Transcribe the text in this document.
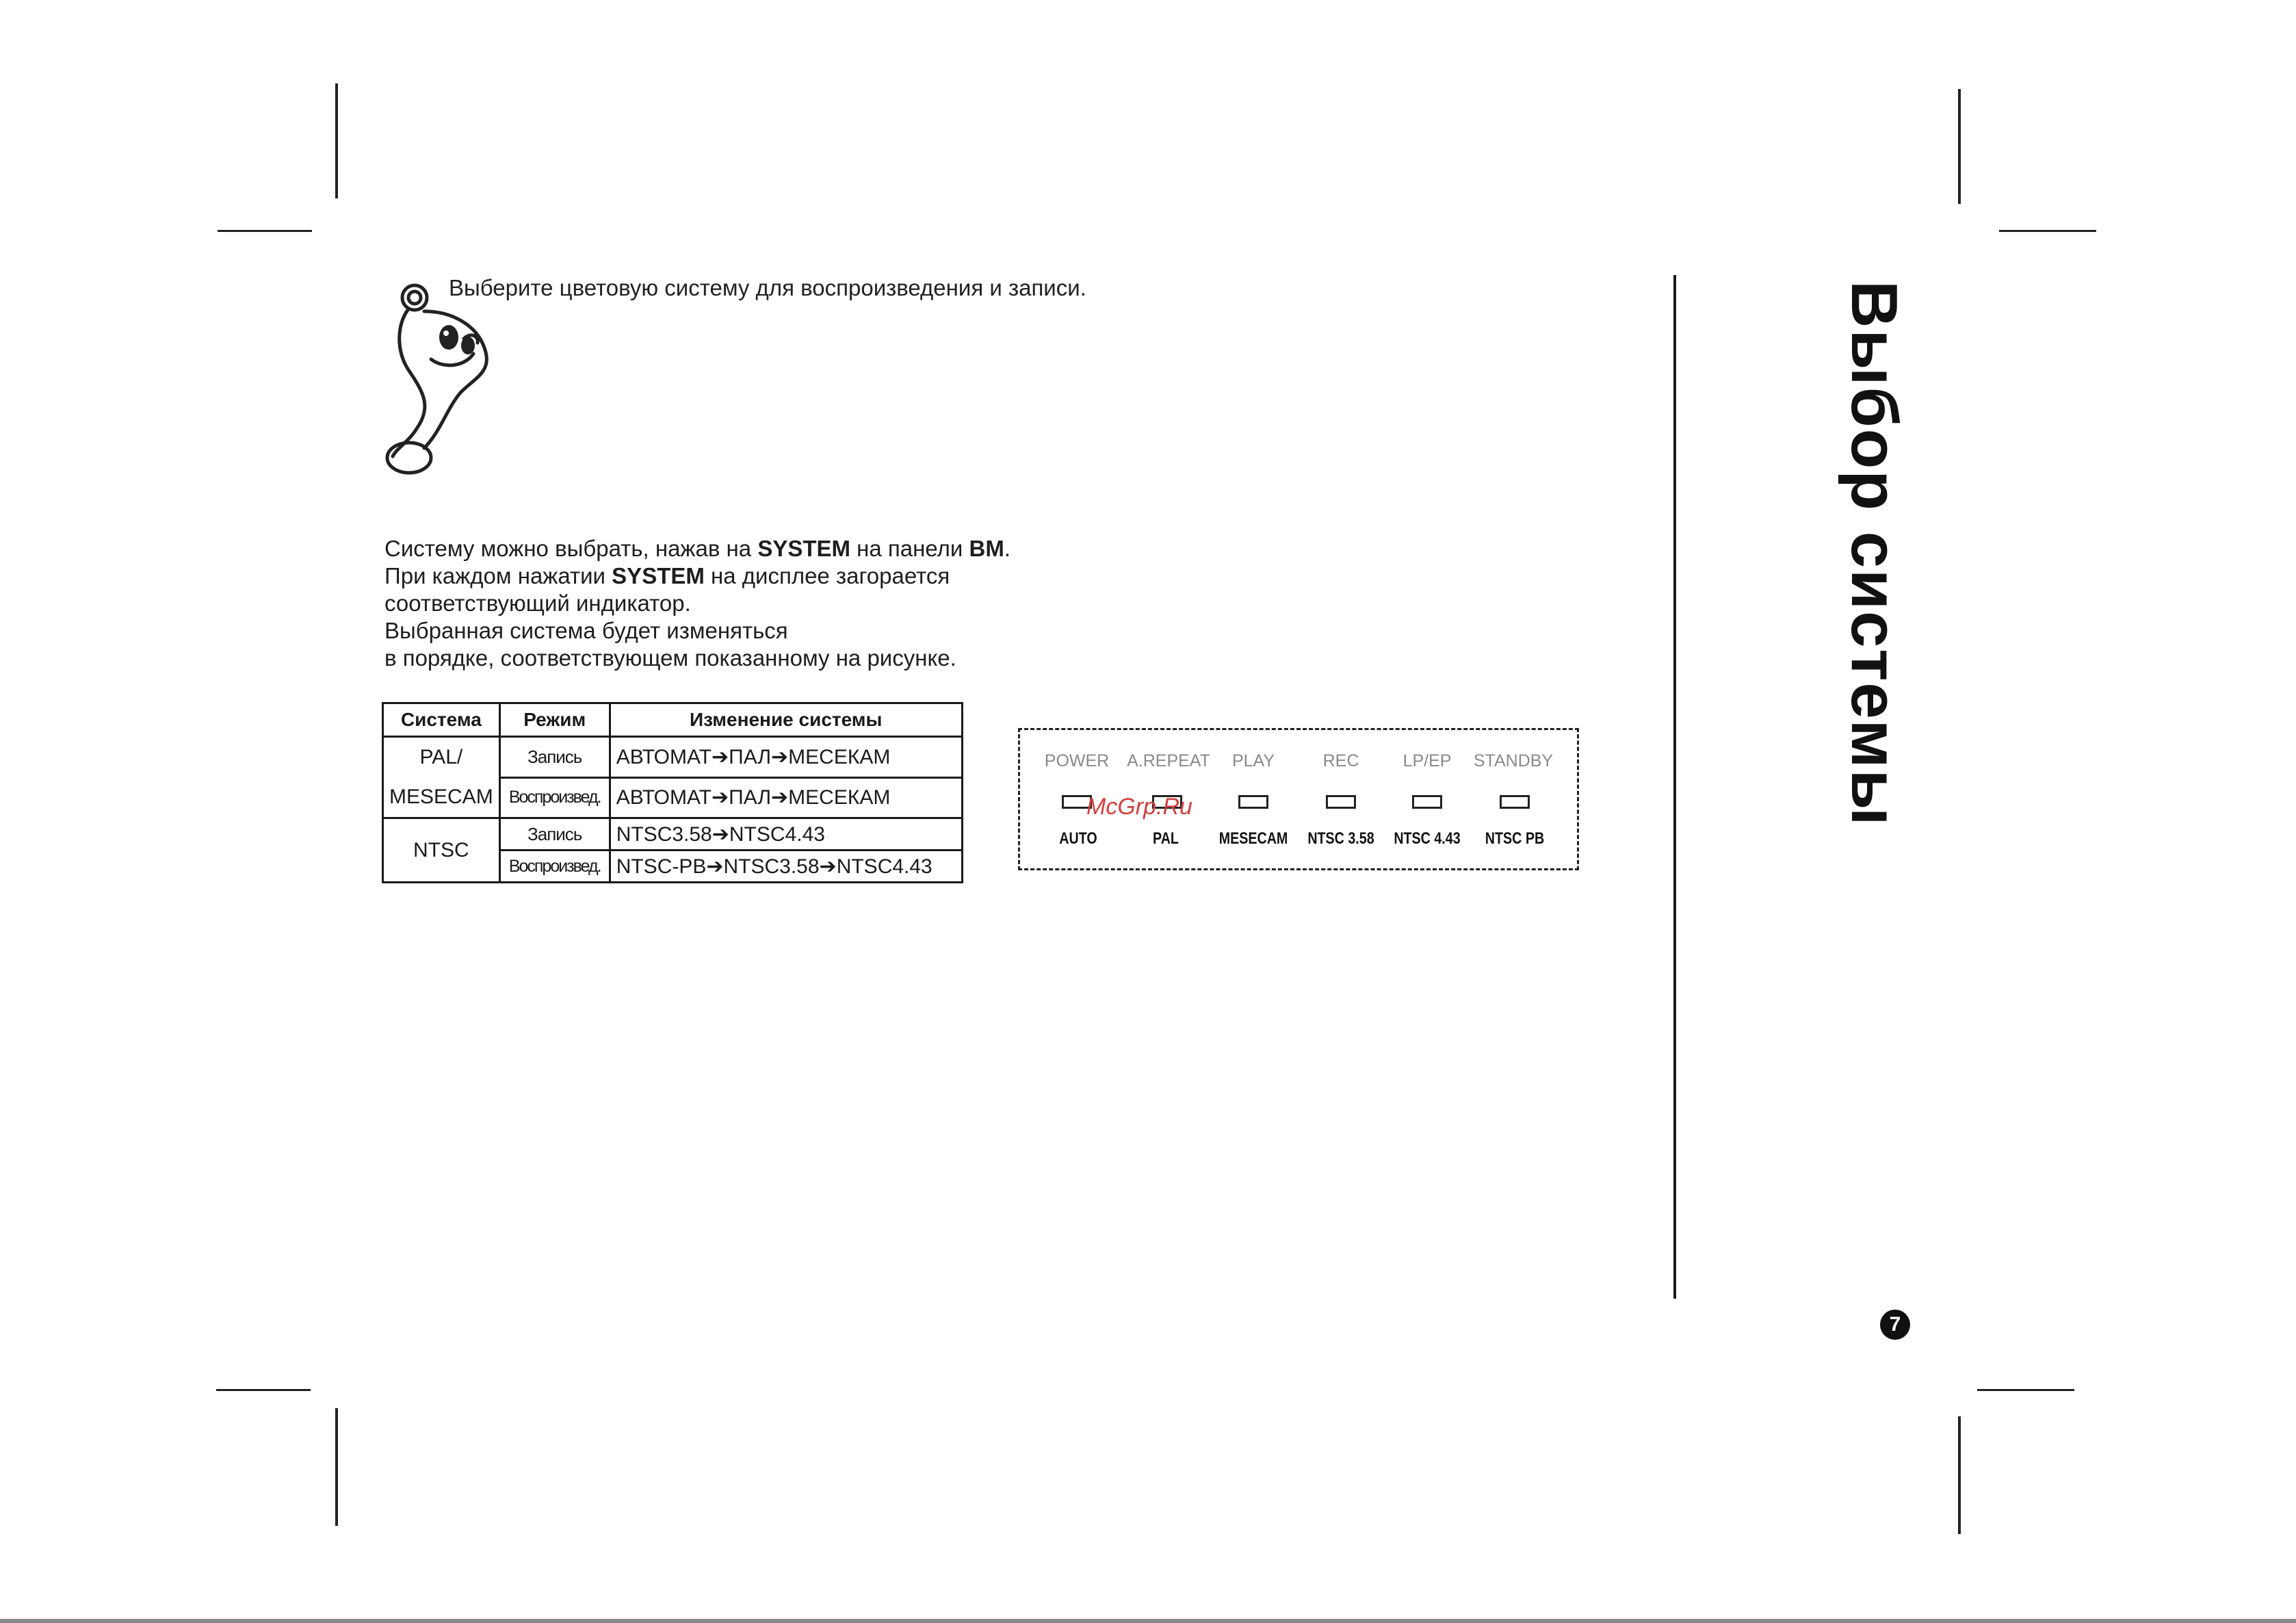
Выберите цветовую систему для воспроизведения и записи.

Систему можно выбрать, нажав на SYSTEM на панели ВМ.

При каждом нажатии SYSTEM на дисплее загорается

соответствующий индикатор.

Выбранная система будет изменяться

в порядке, соответствующем показанному на рисунке.

Система	Режим	Изменение системы

PAL/
MESECAM	Запись	АВТОМАТ➔ПАЛ➔МЕСЕКАМ
	Воспроизвед.	АВТОМАТ➔ПАЛ➔МЕСЕКАМ
NTSC	Запись	NTSC3.58➔NTSC4.43
	Воспроизвед.	NTSC-PB➔NTSC3.58➔NTSC4.43
POWER A.REPEAT PLAY	REC	LP/EP STANDBY
AUTO	PAL MESECAM NTSC 3.58 NTSC 4.43 NTSC PB
McGrp.Ru	Выбор системы
7
